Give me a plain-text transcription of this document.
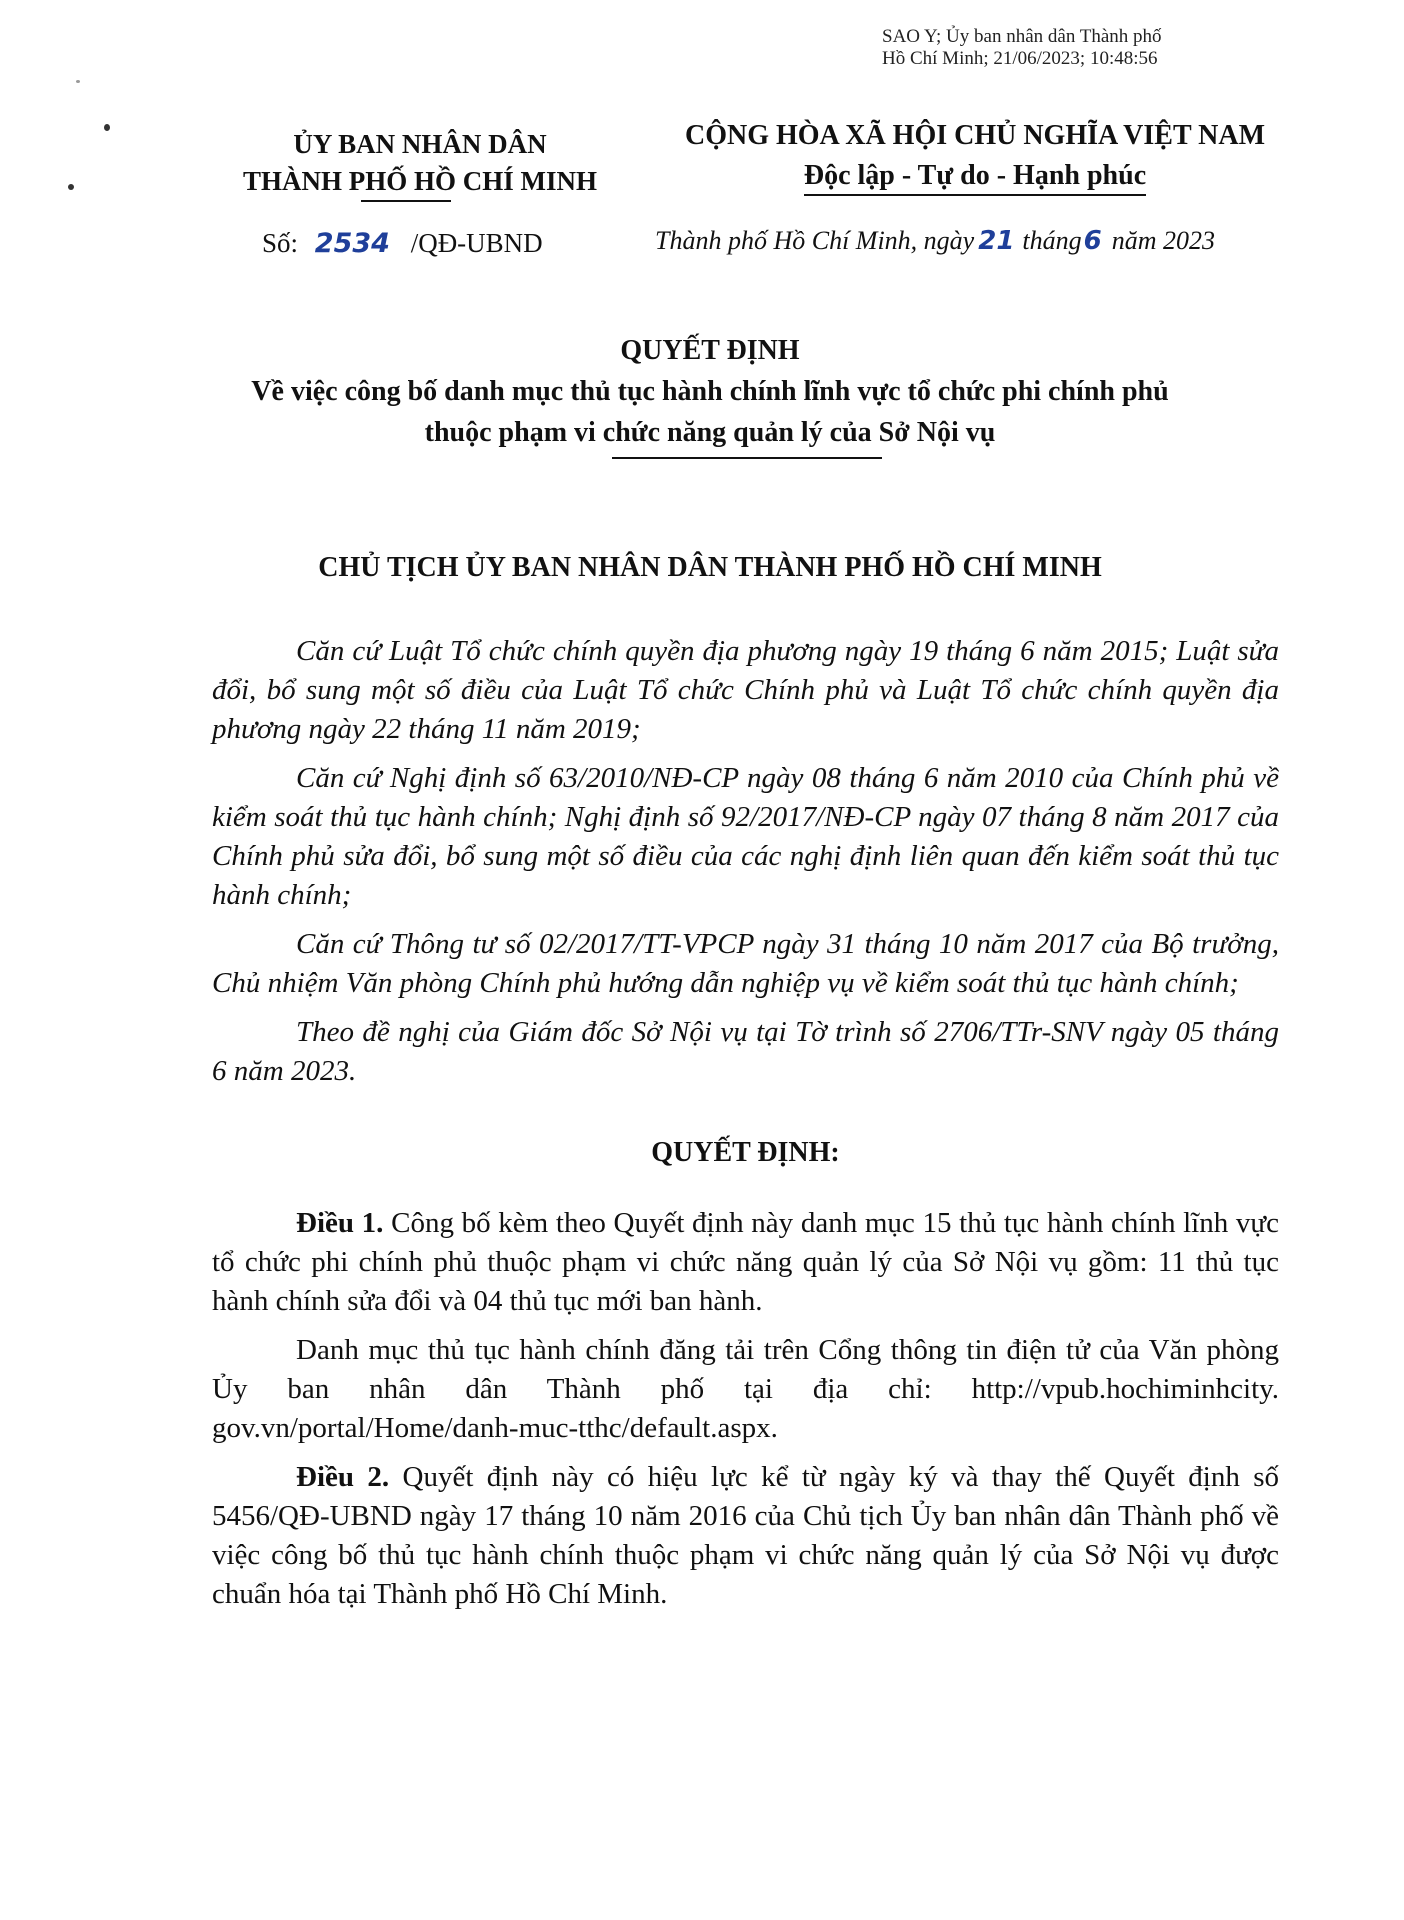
SAO Y; Ủy ban nhân dân Thành phố
Hồ Chí Minh; 21/06/2023; 10:48:56
ỦY BAN NHÂN DÂN
THÀNH PHỐ HỒ CHÍ MINH
CỘNG HÒA XÃ HỘI CHỦ NGHĨA VIỆT NAM
Độc lập - Tự do - Hạnh phúc
Số: 2534 /QĐ-UBND	Thành phố Hồ Chí Minh, ngày 21 tháng6 năm 2023
QUYẾT ĐỊNH
Về việc công bố danh mục thủ tục hành chính lĩnh vực tổ chức phi chính phủ
thuộc phạm vi chức năng quản lý của Sở Nội vụ
CHỦ TỊCH ỦY BAN NHÂN DÂN THÀNH PHỐ HỒ CHÍ MINH

Căn cứ Luật Tổ chức chính quyền địa phương ngày 19 tháng 6 năm 2015; Luật sửa đổi, bổ sung một số điều của Luật Tổ chức Chính phủ và Luật Tổ chức chính quyền địa phương ngày 22 tháng 11 năm 2019;

Căn cứ Nghị định số 63/2010/NĐ-CP ngày 08 tháng 6 năm 2010 của Chính phủ về kiểm soát thủ tục hành chính; Nghị định số 92/2017/NĐ-CP ngày 07 tháng 8 năm 2017 của Chính phủ sửa đổi, bổ sung một số điều của các nghị định liên quan đến kiểm soát thủ tục hành chính;

Căn cứ Thông tư số 02/2017/TT-VPCP ngày 31 tháng 10 năm 2017 của Bộ trưởng, Chủ nhiệm Văn phòng Chính phủ hướng dẫn nghiệp vụ về kiểm soát thủ tục hành chính;

Theo đề nghị của Giám đốc Sở Nội vụ tại Tờ trình số 2706/TTr-SNV ngày 05 tháng 6 năm 2023.

QUYẾT ĐỊNH:

Điều 1. Công bố kèm theo Quyết định này danh mục 15 thủ tục hành chính lĩnh vực tổ chức phi chính phủ thuộc phạm vi chức năng quản lý của Sở Nội vụ gồm: 11 thủ tục hành chính sửa đổi và 04 thủ tục mới ban hành.

Danh mục thủ tục hành chính đăng tải trên Cổng thông tin điện tử của Văn phòng Ủy ban nhân dân Thành phố tại địa chỉ: http://vpub.hochiminhcity. gov.vn/portal/Home/danh-muc-tthc/default.aspx.

Điều 2. Quyết định này có hiệu lực kể từ ngày ký và thay thế Quyết định số 5456/QĐ-UBND ngày 17 tháng 10 năm 2016 của Chủ tịch Ủy ban nhân dân Thành phố về việc công bố thủ tục hành chính thuộc phạm vi chức năng quản lý của Sở Nội vụ được chuẩn hóa tại Thành phố Hồ Chí Minh.
